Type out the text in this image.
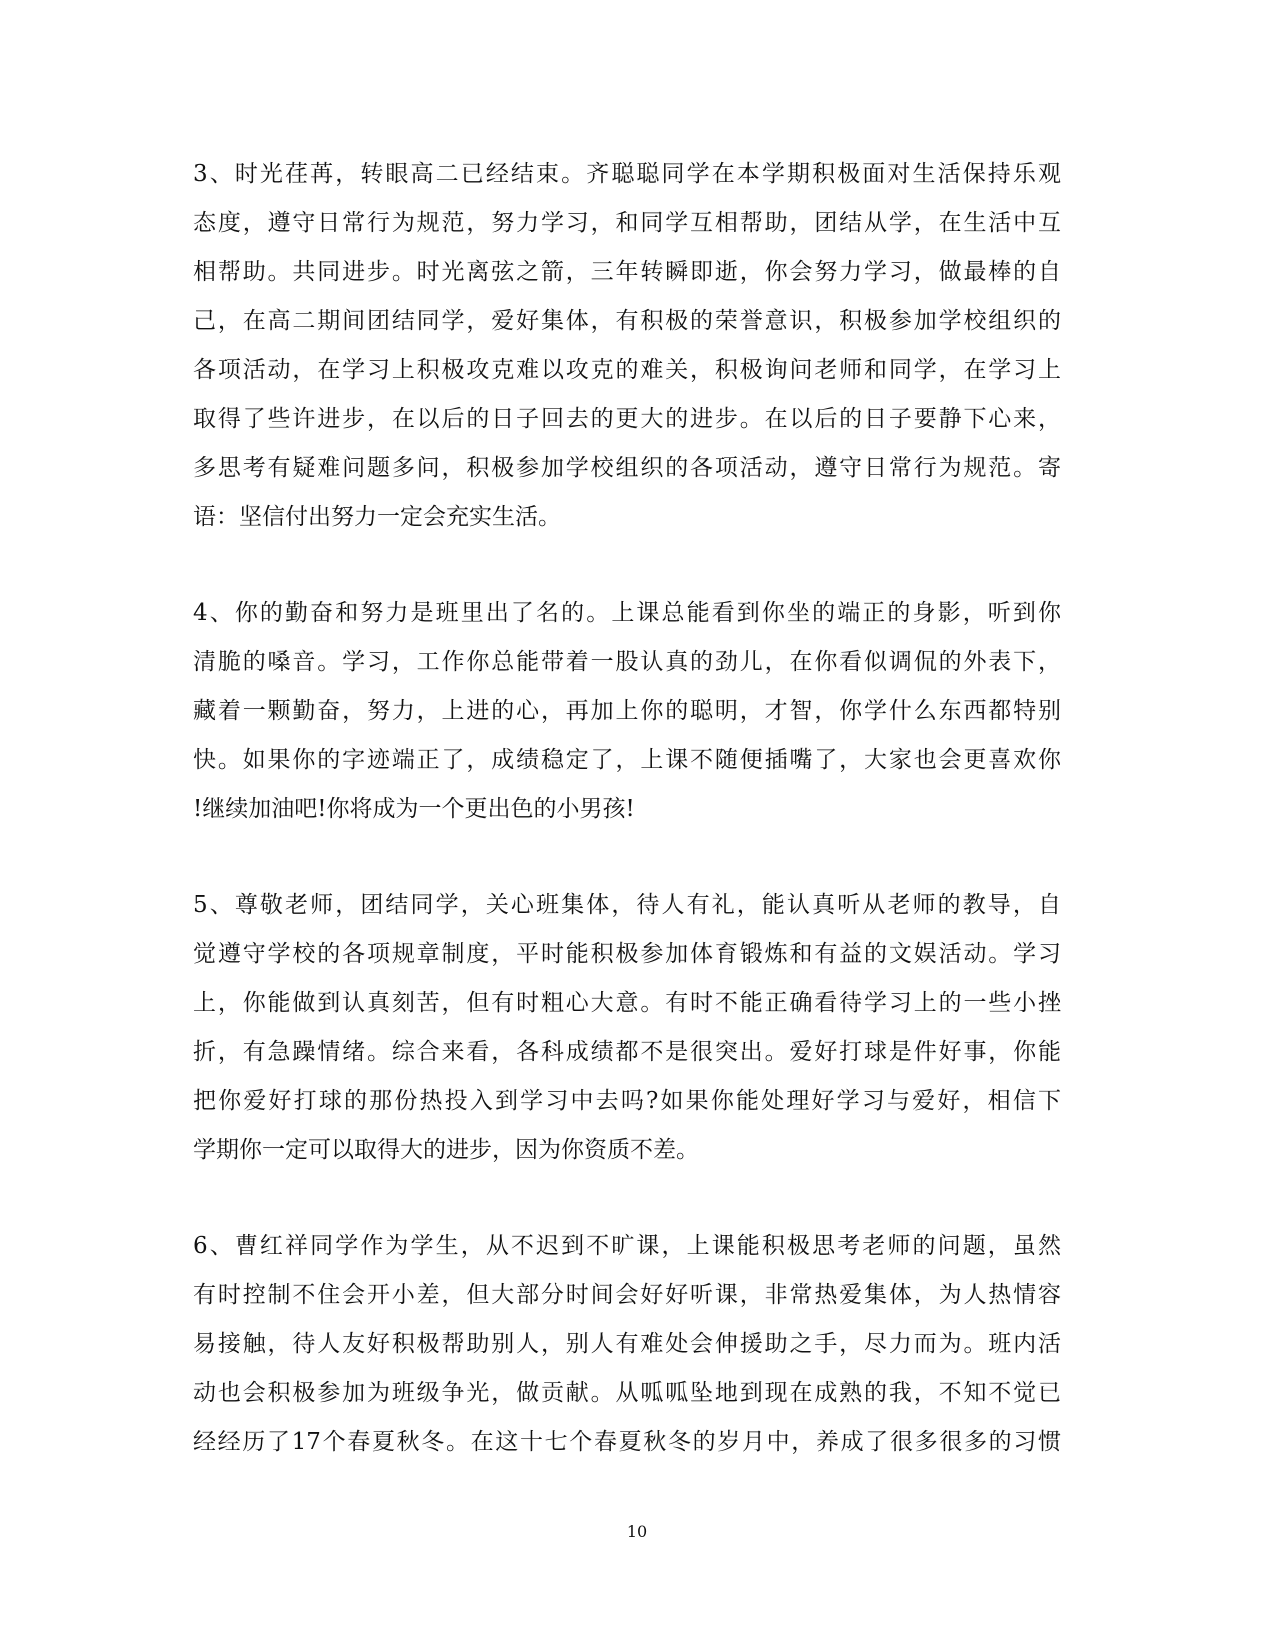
3、时光荏苒，转眼高二已经结束。齐聪聪同学在本学期积极面对生活保持乐观
态度，遵守日常行为规范，努力学习，和同学互相帮助，团结从学，在生活中互
相帮助。共同进步。时光离弦之箭，三年转瞬即逝，你会努力学习，做最棒的自
己，在高二期间团结同学，爱好集体，有积极的荣誉意识，积极参加学校组织的
各项活动，在学习上积极攻克难以攻克的难关，积极询问老师和同学，在学习上
取得了些许进步，在以后的日子回去的更大的进步。在以后的日子要静下心来，
多思考有疑难问题多问，积极参加学校组织的各项活动，遵守日常行为规范。寄
语：坚信付出努力一定会充实生活。
4、你的勤奋和努力是班里出了名的。上课总能看到你坐的端正的身影，听到你
清脆的嗓音。学习，工作你总能带着一股认真的劲儿，在你看似调侃的外表下，
藏着一颗勤奋，努力，上进的心，再加上你的聪明，才智，你学什么东西都特别
快。如果你的字迹端正了，成绩稳定了，上课不随便插嘴了，大家也会更喜欢你
!继续加油吧!你将成为一个更出色的小男孩!
5、尊敬老师，团结同学，关心班集体，待人有礼，能认真听从老师的教导，自
觉遵守学校的各项规章制度，平时能积极参加体育锻炼和有益的文娱活动。学习
上，你能做到认真刻苦，但有时粗心大意。有时不能正确看待学习上的一些小挫
折，有急躁情绪。综合来看，各科成绩都不是很突出。爱好打球是件好事，你能
把你爱好打球的那份热投入到学习中去吗?如果你能处理好学习与爱好，相信下
学期你一定可以取得大的进步，因为你资质不差。
6、曹红祥同学作为学生，从不迟到不旷课，上课能积极思考老师的问题，虽然
有时控制不住会开小差，但大部分时间会好好听课，非常热爱集体，为人热情容
易接触，待人友好积极帮助别人，别人有难处会伸援助之手，尽力而为。班内活
动也会积极参加为班级争光，做贡献。从呱呱坠地到现在成熟的我，不知不觉已
经经历了17个春夏秋冬。在这十七个春夏秋冬的岁月中，养成了很多很多的习惯
10
